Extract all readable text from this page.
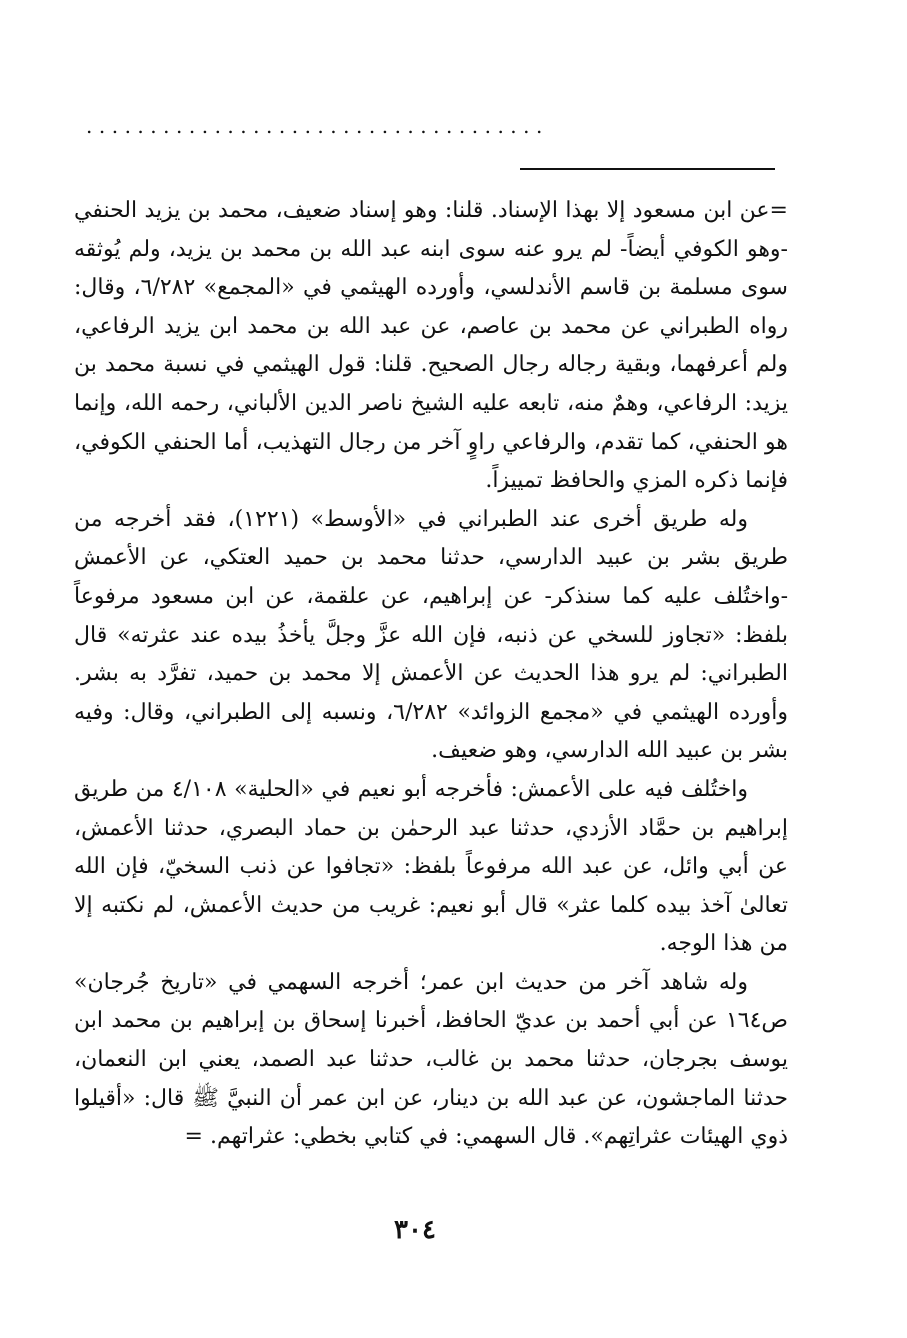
....................................

=عن ابن مسعود إلا بهذا الإسناد. قلنا: وهو إسناد ضعيف، محمد بن يزيد الحنفي -وهو الكوفي أيضاً- لم يرو عنه سوى ابنه عبد الله بن محمد بن يزيد، ولم يُوثقه سوى مسلمة بن قاسم الأندلسي، وأورده الهيثمي في «المجمع» ٦/٢٨٢، وقال: رواه الطبراني عن محمد بن عاصم، عن عبد الله بن محمد ابن يزيد الرفاعي، ولم أعرفهما، وبقية رجاله رجال الصحيح. قلنا: قول الهيثمي في نسبة محمد بن يزيد: الرفاعي، وهمٌ منه، تابعه عليه الشيخ ناصر الدين الألباني، رحمه الله، وإنما هو الحنفي، كما تقدم، والرفاعي راوٍ آخر من رجال التهذيب، أما الحنفي الكوفي، فإنما ذكره المزي والحافظ تمييزاً.

وله طريق أخرى عند الطبراني في «الأوسط» (١٢٢١)، فقد أخرجه من طريق بشر بن عبيد الدارسي، حدثنا محمد بن حميد العتكي، عن الأعمش -واختُلف عليه كما سنذكر- عن إبراهيم، عن علقمة، عن ابن مسعود مرفوعاً بلفظ: «تجاوز للسخي عن ذنبه، فإن الله عزَّ وجلَّ يأخذُ بيده عند عثرته» قال الطبراني: لم يرو هذا الحديث عن الأعمش إلا محمد بن حميد، تفرَّد به بشر. وأورده الهيثمي في «مجمع الزوائد» ٦/٢٨٢، ونسبه إلى الطبراني، وقال: وفيه بشر بن عبيد الله الدارسي، وهو ضعيف.

واختُلف فيه على الأعمش: فأخرجه أبو نعيم في «الحلية» ٤/١٠٨ من طريق إبراهيم بن حمَّاد الأزدي، حدثنا عبد الرحمٰن بن حماد البصري، حدثنا الأعمش، عن أبي وائل، عن عبد الله مرفوعاً بلفظ: «تجافوا عن ذنب السخيّ، فإن الله تعالىٰ آخذ بيده كلما عثر» قال أبو نعيم: غريب من حديث الأعمش، لم نكتبه إلا من هذا الوجه.

وله شاهد آخر من حديث ابن عمر؛ أخرجه السهمي في «تاريخ جُرجان» ص١٦٤ عن أبي أحمد بن عديّ الحافظ، أخبرنا إسحاق بن إبراهيم بن محمد ابن يوسف بجرجان، حدثنا محمد بن غالب، حدثنا عبد الصمد، يعني ابن النعمان، حدثنا الماجشون، عن عبد الله بن دينار، عن ابن عمر أن النبيَّ ﷺ قال: «أقيلوا ذوي الهيئات عثراتِهم». قال السهمي: في كتابي بخطي: عثراتهم. =

٣٠٤
